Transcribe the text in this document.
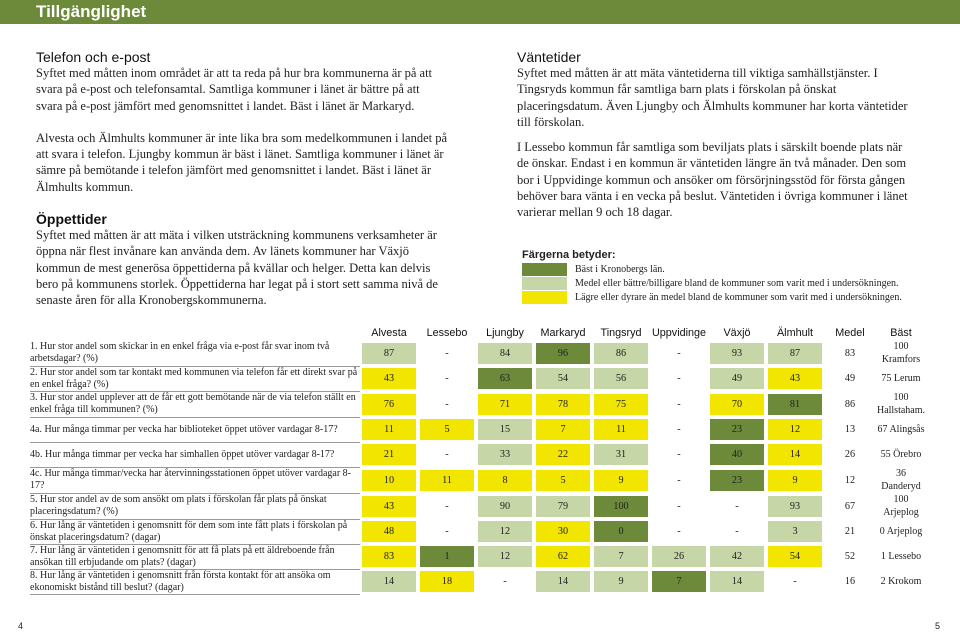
Tillgänglighet
Telefon och e-post

Syftet med måtten inom området är att ta reda på hur bra kommunerna är på att svara på e-post och telefonsamtal. Samtliga kommuner i länet är bättre på att svara på e-post jämfört med genomsnittet i landet. Bäst i länet är Markaryd.

Alvesta och Älmhults kommuner är inte lika bra som medelkommunen i landet på att svara i telefon. Ljungby kommun är bäst i länet. Samtliga kommuner i länet är sämre på bemötande i telefon jämfört med genomsnittet i landet. Bäst i länet är Älmhults kommun.

Öppettider

Syftet med måtten är att mäta i vilken utsträckning kommunens verksamheter är öppna när flest invånare kan använda dem. Av länets kommuner har Växjö kommun de mest generösa öppettiderna på kvällar och helger. Detta kan delvis bero på kommunens storlek. Öppettiderna har legat på i stort sett samma nivå de senaste åren för alla Kronobergskommunerna.

Väntetider

Syftet med måtten är att mäta väntetiderna till viktiga samhällstjänster. I Tingsryds kommun får samtliga barn plats i förskolan på önskat placeringsdatum. Även Ljungby och Älmhults kommuner har korta väntetider till förskolan.

I Lessebo kommun får samtliga som beviljats plats i särskilt boende plats när de önskar. Endast i en kommun är väntetiden längre än två månader. Den som bor i Uppvidinge kommun och ansöker om försörjningsstöd för första gången behöver bara vänta i en vecka på beslut. Väntetiden i övriga kommuner i länet varierar mellan 9 och 18 dagar.

Färgerna betyder:
Bäst i Kronobergs län.
Medel eller bättre/billigare bland de kommuner som varit med i undersökningen.
Lägre eller dyrare än medel bland de kommuner som varit med i undersökningen.
	Alvesta	Lessebo	Ljungby	Markaryd	Tingsryd	Uppvidinge	Växjö	Älmhult	Medel	Bäst
1. Hur stor andel som skickar in en enkel fråga via e-post får svar inom två arbetsdagar? (%)	87	-	84	96	86	-	93	87	83	100 Kramfors
2. Hur stor andel som tar kontakt med kommunen via telefon får ett direkt svar på en enkel fråga? (%)	43	-	63	54	56	-	49	43	49	75 Lerum
3. Hur stor andel upplever att de får ett gott bemötande när de via telefon ställt en enkel fråga till kommunen? (%)	76	-	71	78	75	-	70	81	86	100 Hallstaham.
4a. Hur många timmar per vecka har biblioteket öppet utöver vardagar 8-17?	11	5	15	7	11	-	23	12	13	67 Alingsås
4b. Hur många timmar per vecka har simhallen öppet utöver vardagar 8-17?	21	-	33	22	31	-	40	14	26	55 Örebro
4c. Hur många timmar/vecka har återvinningsstationen öppet utöver vardagar 8-17?	10	11	8	5	9	-	23	9	12	36 Danderyd
5. Hur stor andel av de som ansökt om plats i förskolan får plats på önskat placeringsdatum? (%)	43	-	90	79	100	-	-	93	67	100 Arjeplog
6. Hur lång är väntetiden i genomsnitt för dem som inte fått plats i förskolan på önskat placeringsdatum? (dagar)	48	-	12	30	0	-	-	3	21	0 Arjeplog
7. Hur lång är väntetiden i genomsnitt för att få plats på ett äldreboende från ansökan till erbjudande om plats? (dagar)	83	1	12	62	7	26	42	54	52	1 Lessebo
8. Hur lång är väntetiden i genomsnitt från första kontakt för att ansöka om ekonomiskt bistånd till beslut? (dagar)	14	18	-	14	9	7	14	-	16	2 Krokom
4	5
